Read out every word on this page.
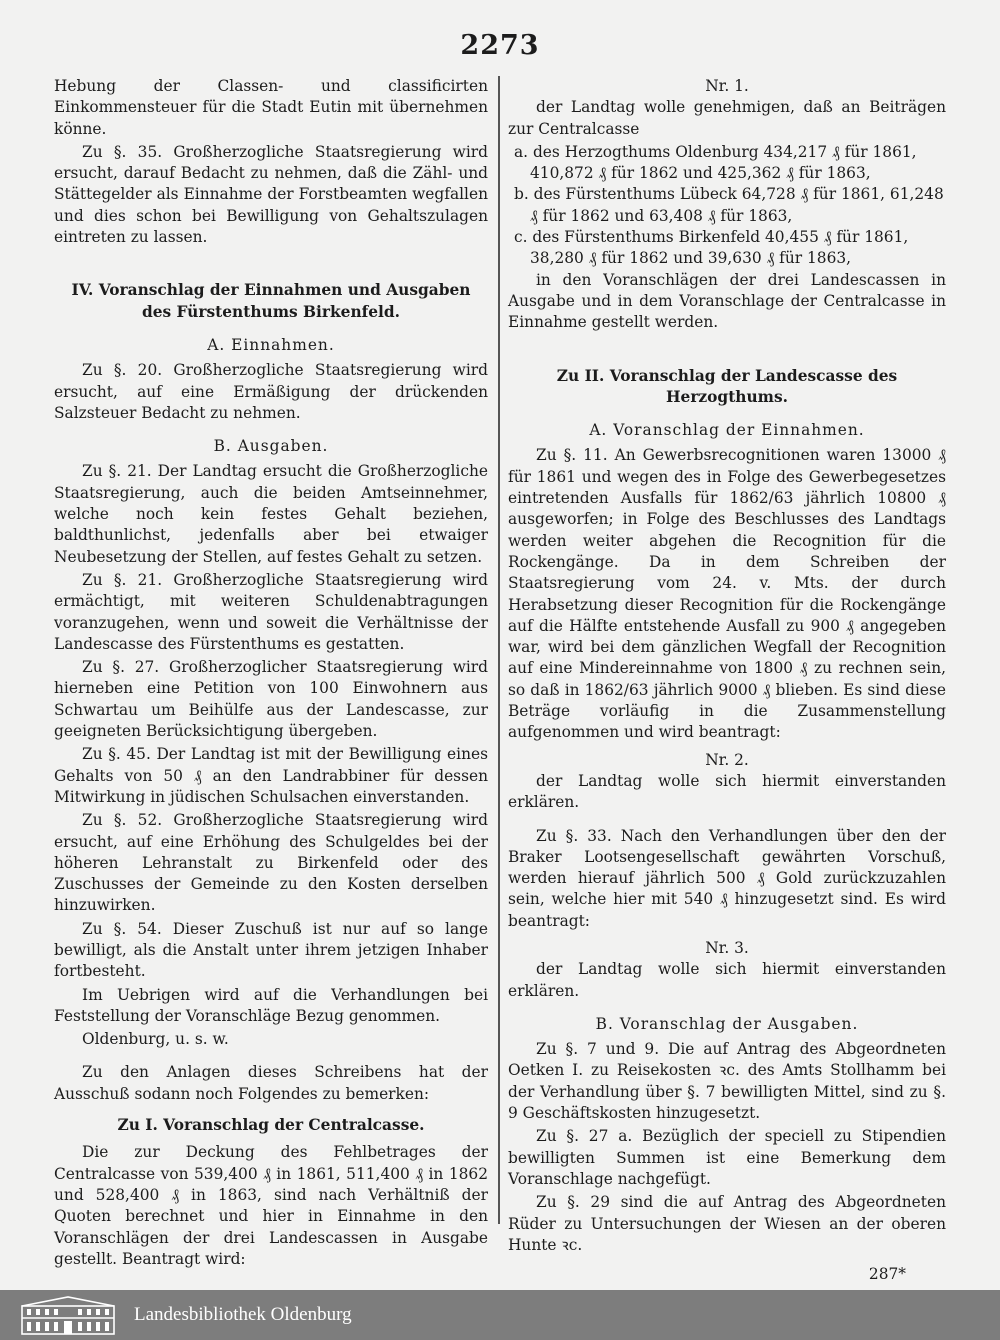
2273

Hebung der Classen- und classificirten Einkommensteuer für die Stadt Eutin mit übernehmen könne.

Zu §. 35. Großherzogliche Staatsregierung wird ersucht, darauf Bedacht zu nehmen, daß die Zähl- und Stättegelder als Einnahme der Forstbeamten wegfallen und dies schon bei Bewilligung von Gehaltszulagen eintreten zu lassen.

IV. Voranschlag der Einnahmen und Ausgaben

des Fürstenthums Birkenfeld.

A. Einnahmen.

Zu §. 20. Großherzogliche Staatsregierung wird ersucht, auf eine Ermäßigung der drückenden Salzsteuer Bedacht zu nehmen.

B. Ausgaben.

Zu §. 21. Der Landtag ersucht die Großherzogliche Staatsregierung, auch die beiden Amtseinnehmer, welche noch kein festes Gehalt beziehen, baldthunlichst, jedenfalls aber bei etwaiger Neubesetzung der Stellen, auf festes Gehalt zu setzen.

Zu §. 21. Großherzogliche Staatsregierung wird ermächtigt, mit weiteren Schuldenabtragungen voranzugehen, wenn und soweit die Verhältnisse der Landescasse des Fürstenthums es gestatten.

Zu §. 27. Großherzoglicher Staatsregierung wird hierneben eine Petition von 100 Einwohnern aus Schwartau um Beihülfe aus der Landescasse, zur geeigneten Berücksichtigung übergeben.

Zu §. 45. Der Landtag ist mit der Bewilligung eines Gehalts von 50 ₰ an den Landrabbiner für dessen Mitwirkung in jüdischen Schulsachen einverstanden.

Zu §. 52. Großherzogliche Staatsregierung wird ersucht, auf eine Erhöhung des Schulgeldes bei der höheren Lehranstalt zu Birkenfeld oder des Zuschusses der Gemeinde zu den Kosten derselben hinzuwirken.

Zu §. 54. Dieser Zuschuß ist nur auf so lange bewilligt, als die Anstalt unter ihrem jetzigen Inhaber fortbesteht.

Im Uebrigen wird auf die Verhandlungen bei Feststellung der Voranschläge Bezug genommen.

Oldenburg, u. s. w.

Zu den Anlagen dieses Schreibens hat der Ausschuß sodann noch Folgendes zu bemerken:

Zu I. Voranschlag der Centralcasse.

Die zur Deckung des Fehlbetrages der Centralcasse von 539,400 ₰ in 1861, 511,400 ₰ in 1862 und 528,400 ₰ in 1863, sind nach Verhältniß der Quoten berechnet und hier in Einnahme in den Voranschlägen der drei Landescassen in Ausgabe gestellt. Beantragt wird:

Nr. 1.

der Landtag wolle genehmigen, daß an Beiträgen zur Centralcasse

a. des Herzogthums Oldenburg 434,217 ₰ für 1861, 410,872 ₰ für 1862 und 425,362 ₰ für 1863,

b. des Fürstenthums Lübeck 64,728 ₰ für 1861, 61,248 ₰ für 1862 und 63,408 ₰ für 1863,

c. des Fürstenthums Birkenfeld 40,455 ₰ für 1861, 38,280 ₰ für 1862 und 39,630 ₰ für 1863,

in den Voranschlägen der drei Landescassen in Ausgabe und in dem Voranschlage der Centralcasse in Einnahme gestellt werden.

Zu II. Voranschlag der Landescasse des

Herzogthums.

A. Voranschlag der Einnahmen.

Zu §. 11. An Gewerbsrecognitionen waren 13000 ₰ für 1861 und wegen des in Folge des Gewerbegesetzes eintretenden Ausfalls für 1862/63 jährlich 10800 ₰ ausgeworfen; in Folge des Beschlusses des Landtags werden weiter abgehen die Recognition für die Rockengänge. Da in dem Schreiben der Staatsregierung vom 24. v. Mts. der durch Herabsetzung dieser Recognition für die Rockengänge auf die Hälfte entstehende Ausfall zu 900 ₰ angegeben war, wird bei dem gänzlichen Wegfall der Recognition auf eine Mindereinnahme von 1800 ₰ zu rechnen sein, so daß in 1862/63 jährlich 9000 ₰ blieben. Es sind diese Beträge vorläufig in die Zusammenstellung aufgenommen und wird beantragt:

Nr. 2.

der Landtag wolle sich hiermit einverstanden erklären.

Zu §. 33. Nach den Verhandlungen über den der Braker Lootsengesellschaft gewährten Vorschuß, werden hierauf jährlich 500 ₰ Gold zurückzuzahlen sein, welche hier mit 540 ₰ hinzugesetzt sind. Es wird beantragt:

Nr. 3.

der Landtag wolle sich hiermit einverstanden erklären.

B. Voranschlag der Ausgaben.

Zu §. 7 und 9. Die auf Antrag des Abgeordneten Oetken I. zu Reisekosten ꝛc. des Amts Stollhamm bei der Verhandlung über §. 7 bewilligten Mittel, sind zu §. 9 Geschäftskosten hinzugesetzt.

Zu §. 27 a. Bezüglich der speciell zu Stipendien bewilligten Summen ist eine Bemerkung dem Voranschlage nachgefügt.

Zu §. 29 sind die auf Antrag des Abgeordneten Rüder zu Untersuchungen der Wiesen an der oberen Hunte ꝛc.

287*

Landesbibliothek Oldenburg
